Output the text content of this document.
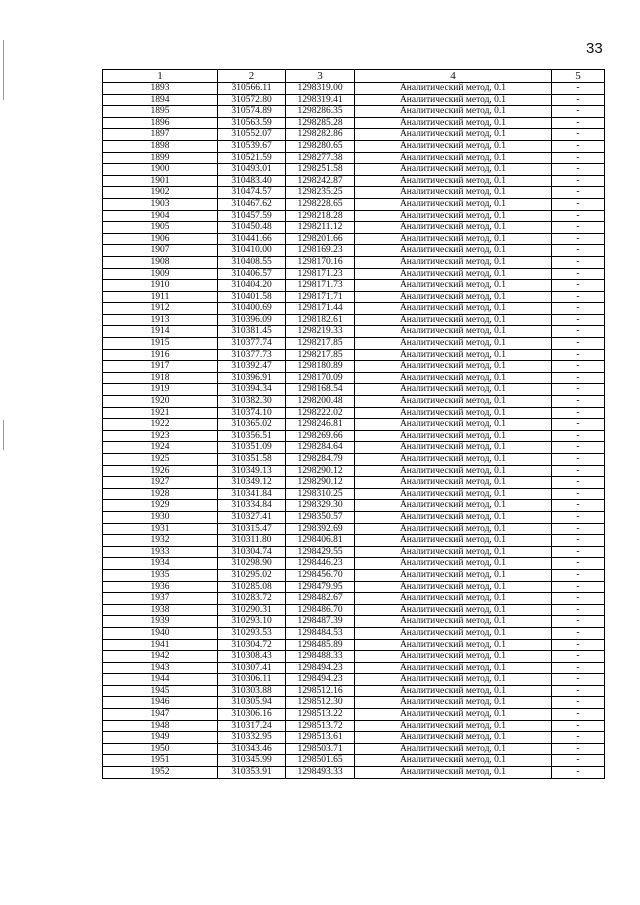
33
1	2	3	4	5
1893	310566.11	1298319.00	Аналитический метод, 0.1	-
1894	310572.80	1298319.41	Аналитический метод, 0.1	-
1895	310574.89	1298286.35	Аналитический метод, 0.1	-
1896	310563.59	1298285.28	Аналитический метод, 0.1	-
1897	310552.07	1298282.86	Аналитический метод, 0.1	-
1898	310539.67	1298280.65	Аналитический метод, 0.1	-
1899	310521.59	1298277.38	Аналитический метод, 0.1	-
1900	310493.01	1298251.58	Аналитический метод, 0.1	-
1901	310483.40	1298242.87	Аналитический метод, 0.1	-
1902	310474.57	1298235.25	Аналитический метод, 0.1	-
1903	310467.62	1298228.65	Аналитический метод, 0.1	-
1904	310457.59	1298218.28	Аналитический метод, 0.1	-
1905	310450.48	1298211.12	Аналитический метод, 0.1	-
1906	310441.66	1298201.66	Аналитический метод, 0.1	-
1907	310410.00	1298169.23	Аналитический метод, 0.1	-
1908	310408.55	1298170.16	Аналитический метод, 0.1	-
1909	310406.57	1298171.23	Аналитический метод, 0.1	-
1910	310404.20	1298171.73	Аналитический метод, 0.1	-
1911	310401.58	1298171.71	Аналитический метод, 0.1	-
1912	310400.69	1298171.44	Аналитический метод, 0.1	-
1913	310396.09	1298182.61	Аналитический метод, 0.1	-
1914	310381.45	1298219.33	Аналитический метод, 0.1	-
1915	310377.74	1298217.85	Аналитический метод, 0.1	-
1916	310377.73	1298217.85	Аналитический метод, 0.1	-
1917	310392.47	1298180.89	Аналитический метод, 0.1	-
1918	310396.91	1298170.09	Аналитический метод, 0.1	-
1919	310394.34	1298168.54	Аналитический метод, 0.1	-
1920	310382.30	1298200.48	Аналитический метод, 0.1	-
1921	310374.10	1298222.02	Аналитический метод, 0.1	-
1922	310365.02	1298246.81	Аналитический метод, 0.1	-
1923	310356.51	1298269.66	Аналитический метод, 0.1	-
1924	310351.09	1298284.64	Аналитический метод, 0.1	-
1925	310351.58	1298284.79	Аналитический метод, 0.1	-
1926	310349.13	1298290.12	Аналитический метод, 0.1	-
1927	310349.12	1298290.12	Аналитический метод, 0.1	-
1928	310341.84	1298310.25	Аналитический метод, 0.1	-
1929	310334.84	1298329.30	Аналитический метод, 0.1	-
1930	310327.41	1298350.57	Аналитический метод, 0.1	-
1931	310315.47	1298392.69	Аналитический метод, 0.1	-
1932	310311.80	1298406.81	Аналитический метод, 0.1	-
1933	310304.74	1298429.55	Аналитический метод, 0.1	-
1934	310298.90	1298446.23	Аналитический метод, 0.1	-
1935	310295.02	1298456.70	Аналитический метод, 0.1	-
1936	310285.08	1298479.95	Аналитический метод, 0.1	-
1937	310283.72	1298482.67	Аналитический метод, 0.1	-
1938	310290.31	1298486.70	Аналитический метод, 0.1	-
1939	310293.10	1298487.39	Аналитический метод, 0.1	-
1940	310293.53	1298484.53	Аналитический метод, 0.1	-
1941	310304.72	1298485.89	Аналитический метод, 0.1	-
1942	310308.43	1298488.33	Аналитический метод, 0.1	-
1943	310307.41	1298494.23	Аналитический метод, 0.1	-
1944	310306.11	1298494.23	Аналитический метод, 0.1	-
1945	310303.88	1298512.16	Аналитический метод, 0.1	-
1946	310305.94	1298512.30	Аналитический метод, 0.1	-
1947	310306.16	1298513.22	Аналитический метод, 0.1	-
1948	310317.24	1298513.72	Аналитический метод, 0.1	-
1949	310332.95	1298513.61	Аналитический метод, 0.1	-
1950	310343.46	1298503.71	Аналитический метод, 0.1	-
1951	310345.99	1298501.65	Аналитический метод, 0.1	-
1952	310353.91	1298493.33	Аналитический метод, 0.1	-
